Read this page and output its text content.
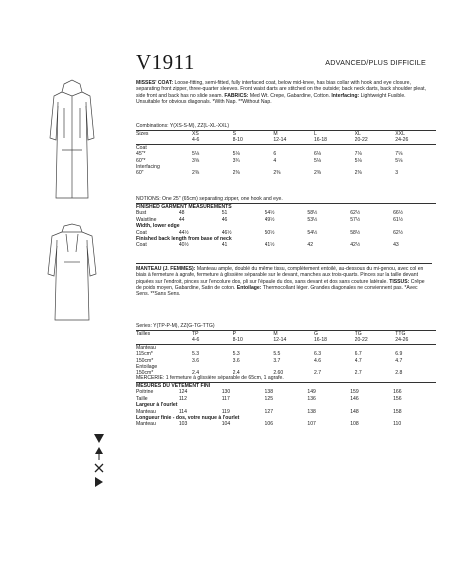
V1911	ADVANCED/PLUS DIFFICILE
MISSES' COAT: Loose-fitting, semi-fitted, fully interfaced coat, below mid-knee, has bias collar with hook and eye closure, separating front zipper, three-quarter sleeves. Front waist darts are stitched on the outside; back neck darts, back shoulder pleat, side front and back has no slide seam. FABRICS: Med Wt. Crepe, Gabardine, Cotton. Interfacing: Lightweight Fusible. Unsuitable for obvious diagonals. *With Nap. **Without Nap.
Combinations: Y(XS-S-M), ZZ(L-XL-XXL)
Sizes	XS	S	M	L	XL	XXL
	4-6	8-10	12-14	16-18	20-22	24-26
Coat						
45"*	5⅛	5⅛	6	6⅛	7⅛	7⅛
60"*	3⅝	3¾	4	5⅛	5⅛	5⅛
Interfacing						
60"	2⅜	2⅜	2⅜	2⅜	2⅜	3
NOTIONS: One 25" (65cm) separating zipper, one hook and eye.
FINISHED GARMENT MEASUREMENTS						
Bust	48	51	54½	58½	62½	66½
Waistline	44	46	49½	53½	57½	61½
Width, lower edge						
Coat	44½	46½	50½	54½	58½	62½
Finished back length from base of neck						
Coat	40½	41	41½	42	42½	43
MANTEAU (J. FEMMES): Manteau ample, doublé du même tissu, complètement entoilé, au-dessous du mi-genou, avec col en biais à fermeture à agrafe, fermeture à glissière séparable sur le devant, manches aux trois-quarts. Pinces sur la taille devant piquées sur l'endroit, pinces sur l'encolure dos, pli sur l'épaule du dos, sans devant et dos sans couture latérale. TISSUS: Crêpe de poids moyen, Gabardine, Satin de coton. Entoilage: Thermocollant léger. Grandes diagonales ne conviennent pas. *Avec Sens. **Sans Sens.
Series: Y(TP-P-M), ZZ(G-TG-TTG)
Tailles	TP	P	M	G	TG	TTG
	4-6	8-10	12-14	16-18	20-22	24-26
Manteau						
115cm*	5.3	5.3	5.5	6.3	6.7	6.9
150cm*	3.6	3.6	3.7	4.6	4.7	4.7
Entoilage						
150cm*	2.4	2.4	2.60	2.7	2.7	2.8
MERCERIE: 1 fermeture à glissière séparable de 65cm, 1 agrafe.
MESURES DU VÊTEMENT FINI						
Poitrine	124	130	138	149	159	166
Taille	112	117	125	136	146	156
Largeur à l'ourlet						
Manteau	114	119	127	138	148	158
Longueur finie - dos, votre nuque à l'ourlet						
Manteau	103	104	106	107	108	110
